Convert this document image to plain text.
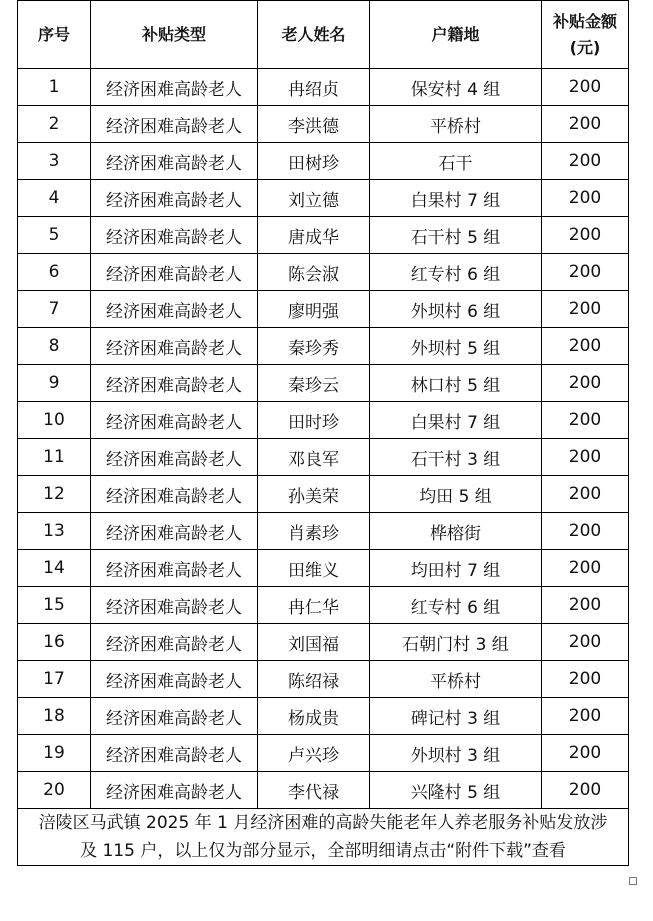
序号	补贴类型	老人姓名	户籍地	补贴金额
(元)
1	经济困难高龄老人	冉绍贞	保安村 4 组	200
2	经济困难高龄老人	李洪德	平桥村	200
3	经济困难高龄老人	田树珍	石干	200
4	经济困难高龄老人	刘立德	白果村 7 组	200
5	经济困难高龄老人	唐成华	石干村 5 组	200
6	经济困难高龄老人	陈会淑	红专村 6 组	200
7	经济困难高龄老人	廖明强	外坝村 6 组	200
8	经济困难高龄老人	秦珍秀	外坝村 5 组	200
9	经济困难高龄老人	秦珍云	林口村 5 组	200
10	经济困难高龄老人	田时珍	白果村 7 组	200
11	经济困难高龄老人	邓良军	石干村 3 组	200
12	经济困难高龄老人	孙美荣	均田 5 组	200
13	经济困难高龄老人	肖素珍	桦榕街	200
14	经济困难高龄老人	田维义	均田村 7 组	200
15	经济困难高龄老人	冉仁华	红专村 6 组	200
16	经济困难高龄老人	刘国福	石朝门村 3 组	200
17	经济困难高龄老人	陈绍禄	平桥村	200
18	经济困难高龄老人	杨成贵	碑记村 3 组	200
19	经济困难高龄老人	卢兴珍	外坝村 3 组	200
20	经济困难高龄老人	李代禄	兴隆村 5 组	200
涪陵区马武镇 2025 年 1 月经济困难的高龄失能老年人养老服务补贴发放涉
及 115 户，以上仅为部分显示，全部明细请点击“附件下载”查看				
